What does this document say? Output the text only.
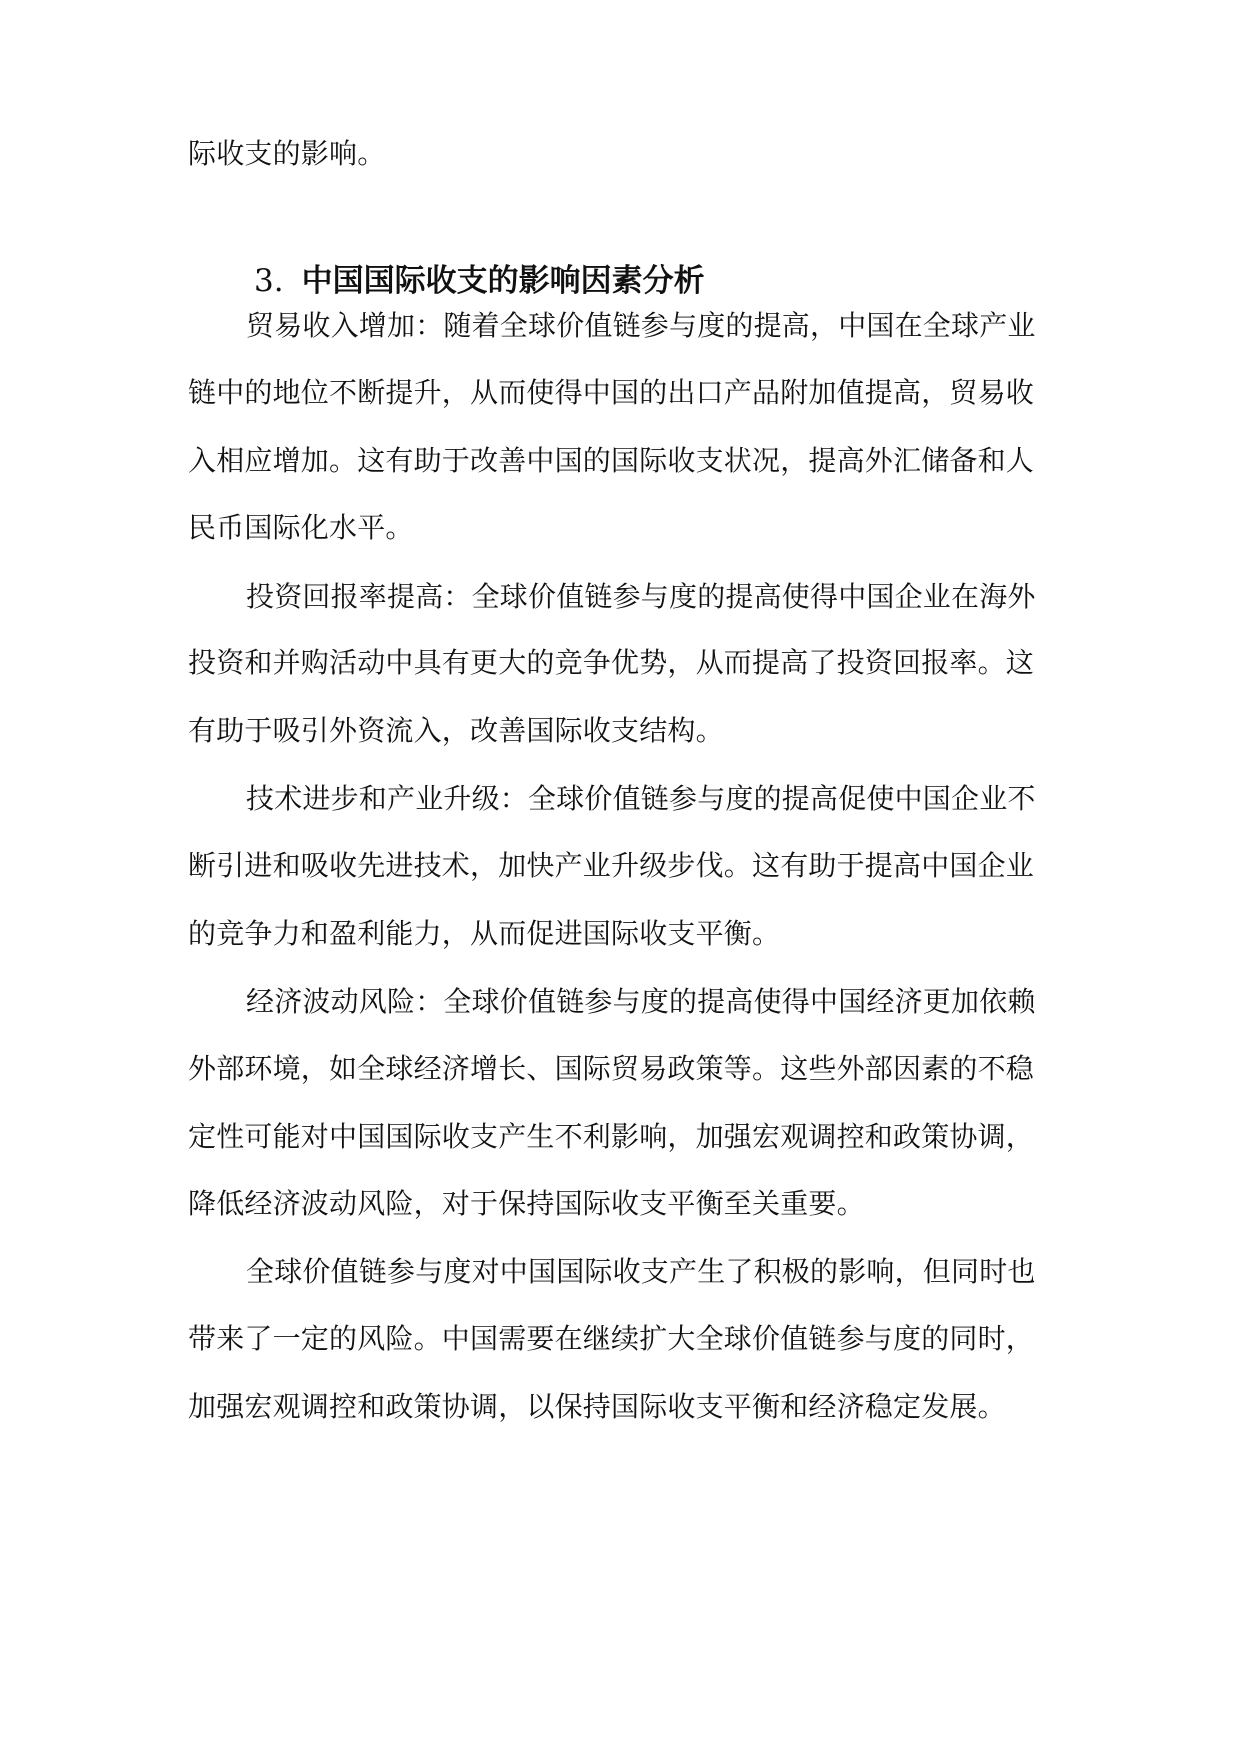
际收支的影响。
3. 中国国际收支的影响因素分析
贸易收入增加：随着全球价值链参与度的提高，中国在全球产业
链中的地位不断提升，从而使得中国的出口产品附加值提高，贸易收
入相应增加。这有助于改善中国的国际收支状况，提高外汇储备和人
民币国际化水平。
投资回报率提高：全球价值链参与度的提高使得中国企业在海外
投资和并购活动中具有更大的竞争优势，从而提高了投资回报率。这
有助于吸引外资流入，改善国际收支结构。
技术进步和产业升级：全球价值链参与度的提高促使中国企业不
断引进和吸收先进技术，加快产业升级步伐。这有助于提高中国企业
的竞争力和盈利能力，从而促进国际收支平衡。
经济波动风险：全球价值链参与度的提高使得中国经济更加依赖
外部环境，如全球经济增长、国际贸易政策等。这些外部因素的不稳
定性可能对中国国际收支产生不利影响，加强宏观调控和政策协调，
降低经济波动风险，对于保持国际收支平衡至关重要。
全球价值链参与度对中国国际收支产生了积极的影响，但同时也
带来了一定的风险。中国需要在继续扩大全球价值链参与度的同时，
加强宏观调控和政策协调，以保持国际收支平衡和经济稳定发展。
